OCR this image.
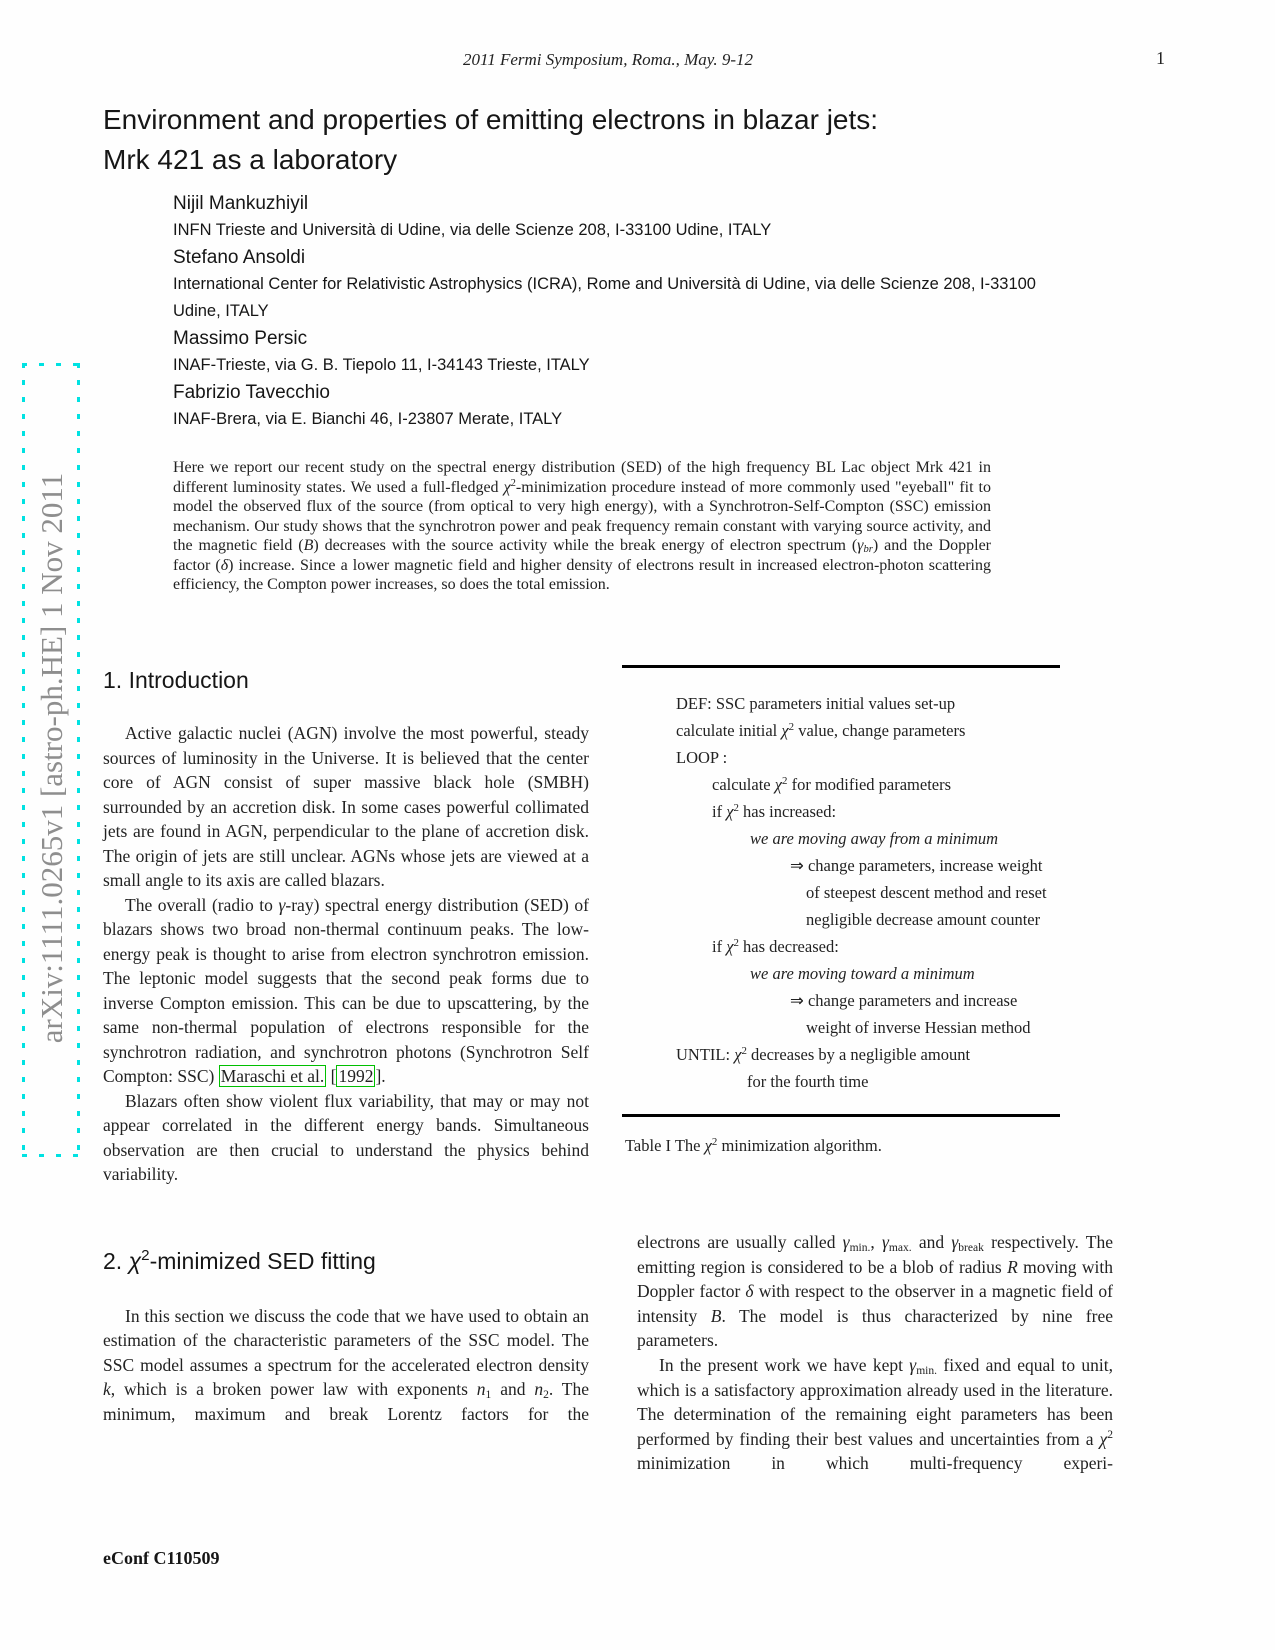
2011 Fermi Symposium, Roma., May. 9-12	1
arXiv:1111.0265v1 [astro-ph.HE] 1 Nov 2011
Environment and properties of emitting electrons in blazar jets:
Mrk 421 as a laboratory
Nijil Mankuzhiyil
INFN Trieste and Università di Udine, via delle Scienze 208, I-33100 Udine, ITALY
Stefano Ansoldi
International Center for Relativistic Astrophysics (ICRA), Rome and Università di Udine, via delle Scienze 208, I-33100 Udine, ITALY
Massimo Persic
INAF-Trieste, via G. B. Tiepolo 11, I-34143 Trieste, ITALY
Fabrizio Tavecchio
INAF-Brera, via E. Bianchi 46, I-23807 Merate, ITALY
Here we report our recent study on the spectral energy distribution (SED) of the high frequency BL Lac object Mrk 421 in different luminosity states. We used a full-fledged $\chi^2$-minimization procedure instead of more commonly used "eyeball" fit to model the observed flux of the source (from optical to very high energy), with a Synchrotron-Self-Compton (SSC) emission mechanism. Our study shows that the synchrotron power and peak frequency remain constant with varying source activity, and the magnetic field (B) decreases with the source activity while the break energy of electron spectrum (γbr) and the Doppler factor (δ) increase. Since a lower magnetic field and higher density of electrons result in increased electron-photon scattering efficiency, the Compton power increases, so does the total emission.
1. Introduction

Active galactic nuclei (AGN) involve the most powerful, steady sources of luminosity in the Universe. It is believed that the center core of AGN consist of super massive black hole (SMBH) surrounded by an accretion disk. In some cases powerful collimated jets are found in AGN, perpendicular to the plane of accretion disk. The origin of jets are still unclear. AGNs whose jets are viewed at a small angle to its axis are called blazars.

The overall (radio to γ-ray) spectral energy distribution (SED) of blazars shows two broad non-thermal continuum peaks. The low-energy peak is thought to arise from electron synchrotron emission. The leptonic model suggests that the second peak forms due to inverse Compton emission. This can be due to upscattering, by the same non-thermal population of electrons responsible for the synchrotron radiation, and synchrotron photons (Synchrotron Self Compton: SSC) Maraschi et al. [ 1992 ].

Blazars often show violent flux variability, that may or may not appear correlated in the different energy bands. Simultaneous observation are then crucial to understand the physics behind variability.

2. $\chi^2$-minimized SED fitting

In this section we discuss the code that we have used to obtain an estimation of the characteristic parameters of the SSC model. The SSC model assumes a spectrum for the accelerated electron density k, which is a broken power law with exponents n1 and n2. The minimum, maximum and break Lorentz factors for the

DEF: SSC parameters initial values set-up
calculate initial $\chi^2$ value, change parameters
LOOP :
calculate $\chi^2$ for modified parameters
if $\chi^2$ has increased:
we are moving away from a minimum
⇒ change parameters, increase weight
of steepest descent method and reset
negligible decrease amount counter
if $\chi^2$ has decreased:
we are moving toward a minimum
⇒ change parameters and increase
weight of inverse Hessian method
UNTIL: $\chi^2$ decreases by a negligible amount
for the fourth time
Table I The $\chi^2$ minimization algorithm.

electrons are usually called γmin., γmax. and γbreak respectively. The emitting region is considered to be a blob of radius R moving with Doppler factor δ with respect to the observer in a magnetic field of intensity B. The model is thus characterized by nine free parameters.

In the present work we have kept γmin. fixed and equal to unit, which is a satisfactory approximation already used in the literature. The determination of the remaining eight parameters has been performed by finding their best values and uncertainties from a $\chi^2$ minimization in which multi-frequency experi-

eConf C110509
